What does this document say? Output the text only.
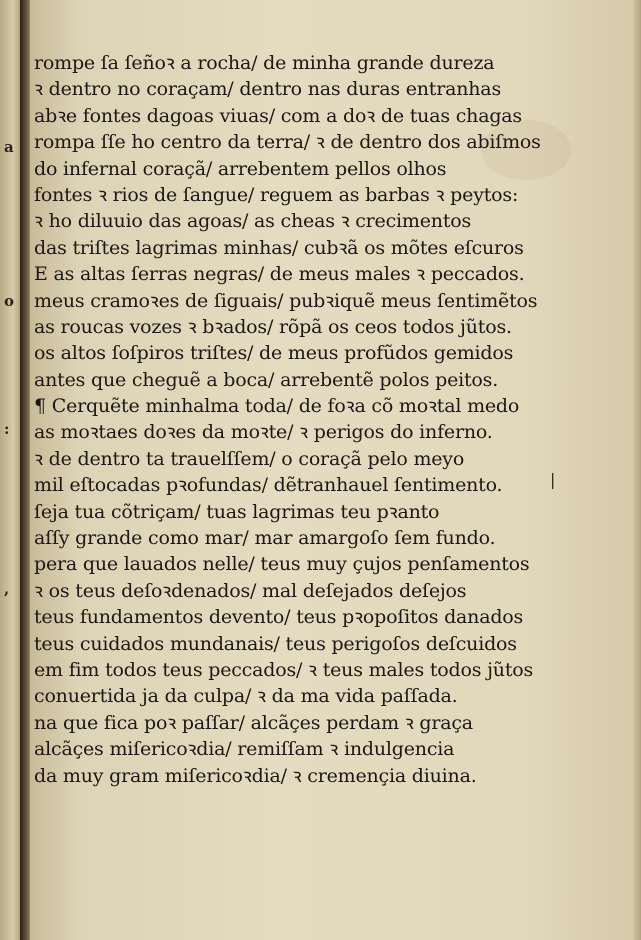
a
o
:
,
rompe ſa ſeñoꝛ a rocha/ de minha grande dureza
ꝛ dentro no coraçam/ dentro nas duras entranhas
abꝛe fontes dagoas viuas/ com a doꝛ de tuas chagas
rompa ſſe ho centro da terra/ ꝛ de dentro dos abiſmos
do infernal coraçã/ arrebentem pellos olhos
fontes ꝛ rios de ſangue/ reguem as barbas ꝛ peytos:
ꝛ ho diluuio das agoas/ as cheas ꝛ crecimentos
das triſtes lagrimas minhas/ cubꝛã os mõtes eſcuros
E as altas ſerras negras/ de meus males ꝛ peccados.
meus cramoꝛes de ſiguais/ pubꝛiquẽ meus ſentimẽtos
as roucas vozes ꝛ bꝛados/ rõpã os ceos todos jũtos.
os altos ſoſpiros triſtes/ de meus profũdos gemidos
antes que cheguẽ a boca/ arrebentẽ polos peitos.
¶ Cerquẽte minhalma toda/ de foꝛa cõ moꝛtal medo
as moꝛtaes doꝛes da moꝛte/ ꝛ perigos do inferno.
ꝛ de dentro ta trauelſſem/ o coraçã pelo meyo
mil eſtocadas pꝛofundas/ dẽtranhauel ſentimento.
ſeja tua cõtriçam/ tuas lagrimas teu pꝛanto
aſſy grande como mar/ mar amargoſo ſem fundo.
pera que lauados nelle/ teus muy çujos penſamentos
ꝛ os teus deſoꝛdenados/ mal deſejados deſejos
teus fundamentos devento/ teus pꝛopoſitos danados
teus cuidados mundanais/ teus perigoſos deſcuidos
em fim todos teus peccados/ ꝛ teus males todos jũtos
conuertida ja da culpa/ ꝛ da ma vida paſſada.
na que fica poꝛ paſſar/ alcãçes perdam ꝛ graça
alcãçes miſericoꝛdia/ remiſſam ꝛ indulgencia
da muy gram miſericoꝛdia/ ꝛ cremençia diuina.
|
